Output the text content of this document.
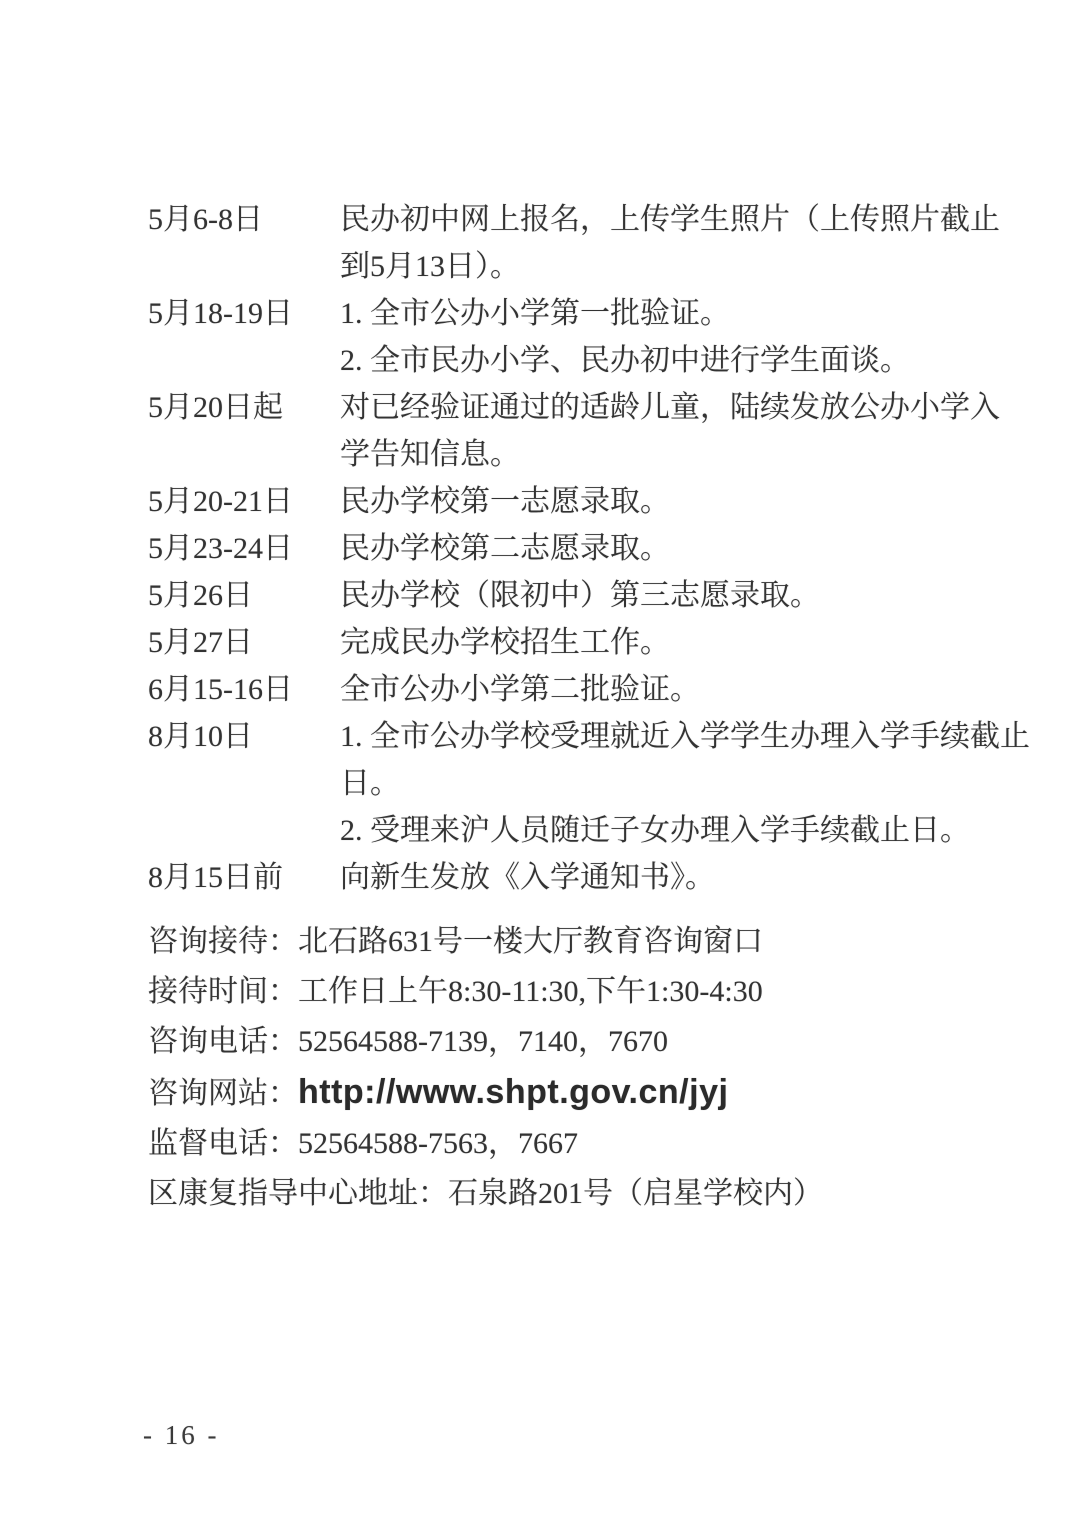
5月6-8日	民办初中网上报名，上传学生照片（上传照片截止
到5月13日）。
5月18-19日	1. 全市公办小学第一批验证。
2. 全市民办小学、民办初中进行学生面谈。
5月20日起	对已经验证通过的适龄儿童，陆续发放公办小学入
学告知信息。
5月20-21日	民办学校第一志愿录取。
5月23-24日	民办学校第二志愿录取。
5月26日	民办学校（限初中）第三志愿录取。
5月27日	完成民办学校招生工作。
6月15-16日	全市公办小学第二批验证。
8月10日	1. 全市公办学校受理就近入学学生办理入学手续截止
日。
2. 受理来沪人员随迁子女办理入学手续截止日。
8月15日前	向新生发放《入学通知书》。
咨询接待：北石路631号一楼大厅教育咨询窗口
接待时间：工作日上午8:30-11:30,下午1:30-4:30
咨询电话：52564588-7139，7140，7670
咨询网站：http://www.shpt.gov.cn/jyj
监督电话：52564588-7563，7667
区康复指导中心地址：石泉路201号（启星学校内）
- 16 -
